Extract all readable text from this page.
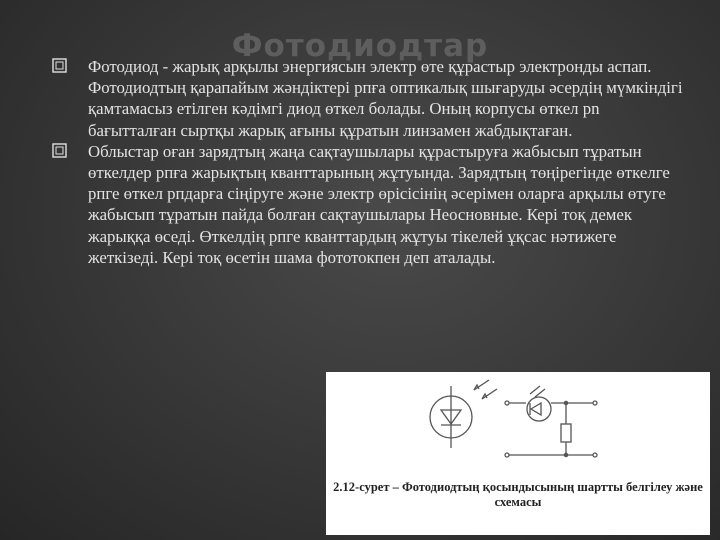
Фотодиодтар
Фотодиод - жарық арқылы энергиясын электр өте құрастыр электронды аспап. Фотодиодтың қарапайым жәндіктері рпға оптикалық шығаруды әсердің мүмкіндігі қамтамасыз етілген кәдімгі диод өткел болады. Оның корпусы өткел pn бағытталған сыртқы жарық ағыны құратын линзамен жабдықтаған.
Облыстар оған зарядтың жаңа сақтаушылары құрастыруға жабысып тұратын өткелдер рпға жарықтың кванттарының жұтуында. Зарядтың төңірегінде өткелге рпге өткел рпдарға сіңіруге және электр өрісісінің әсерімен оларға арқылы өтуге жабысып тұратын пайда болған сақтаушылары Неосновные. Кері тоқ демек жарыққа өседі. Өткелдің рпге кванттардың жұтуы тікелей ұқсас нәтижеге жеткізеді. Кері тоқ өсетін шама фототокпен деп аталады.
2.12-сурет – Фотодиодтың қосындысының шартты белгілеу және
схемасы
